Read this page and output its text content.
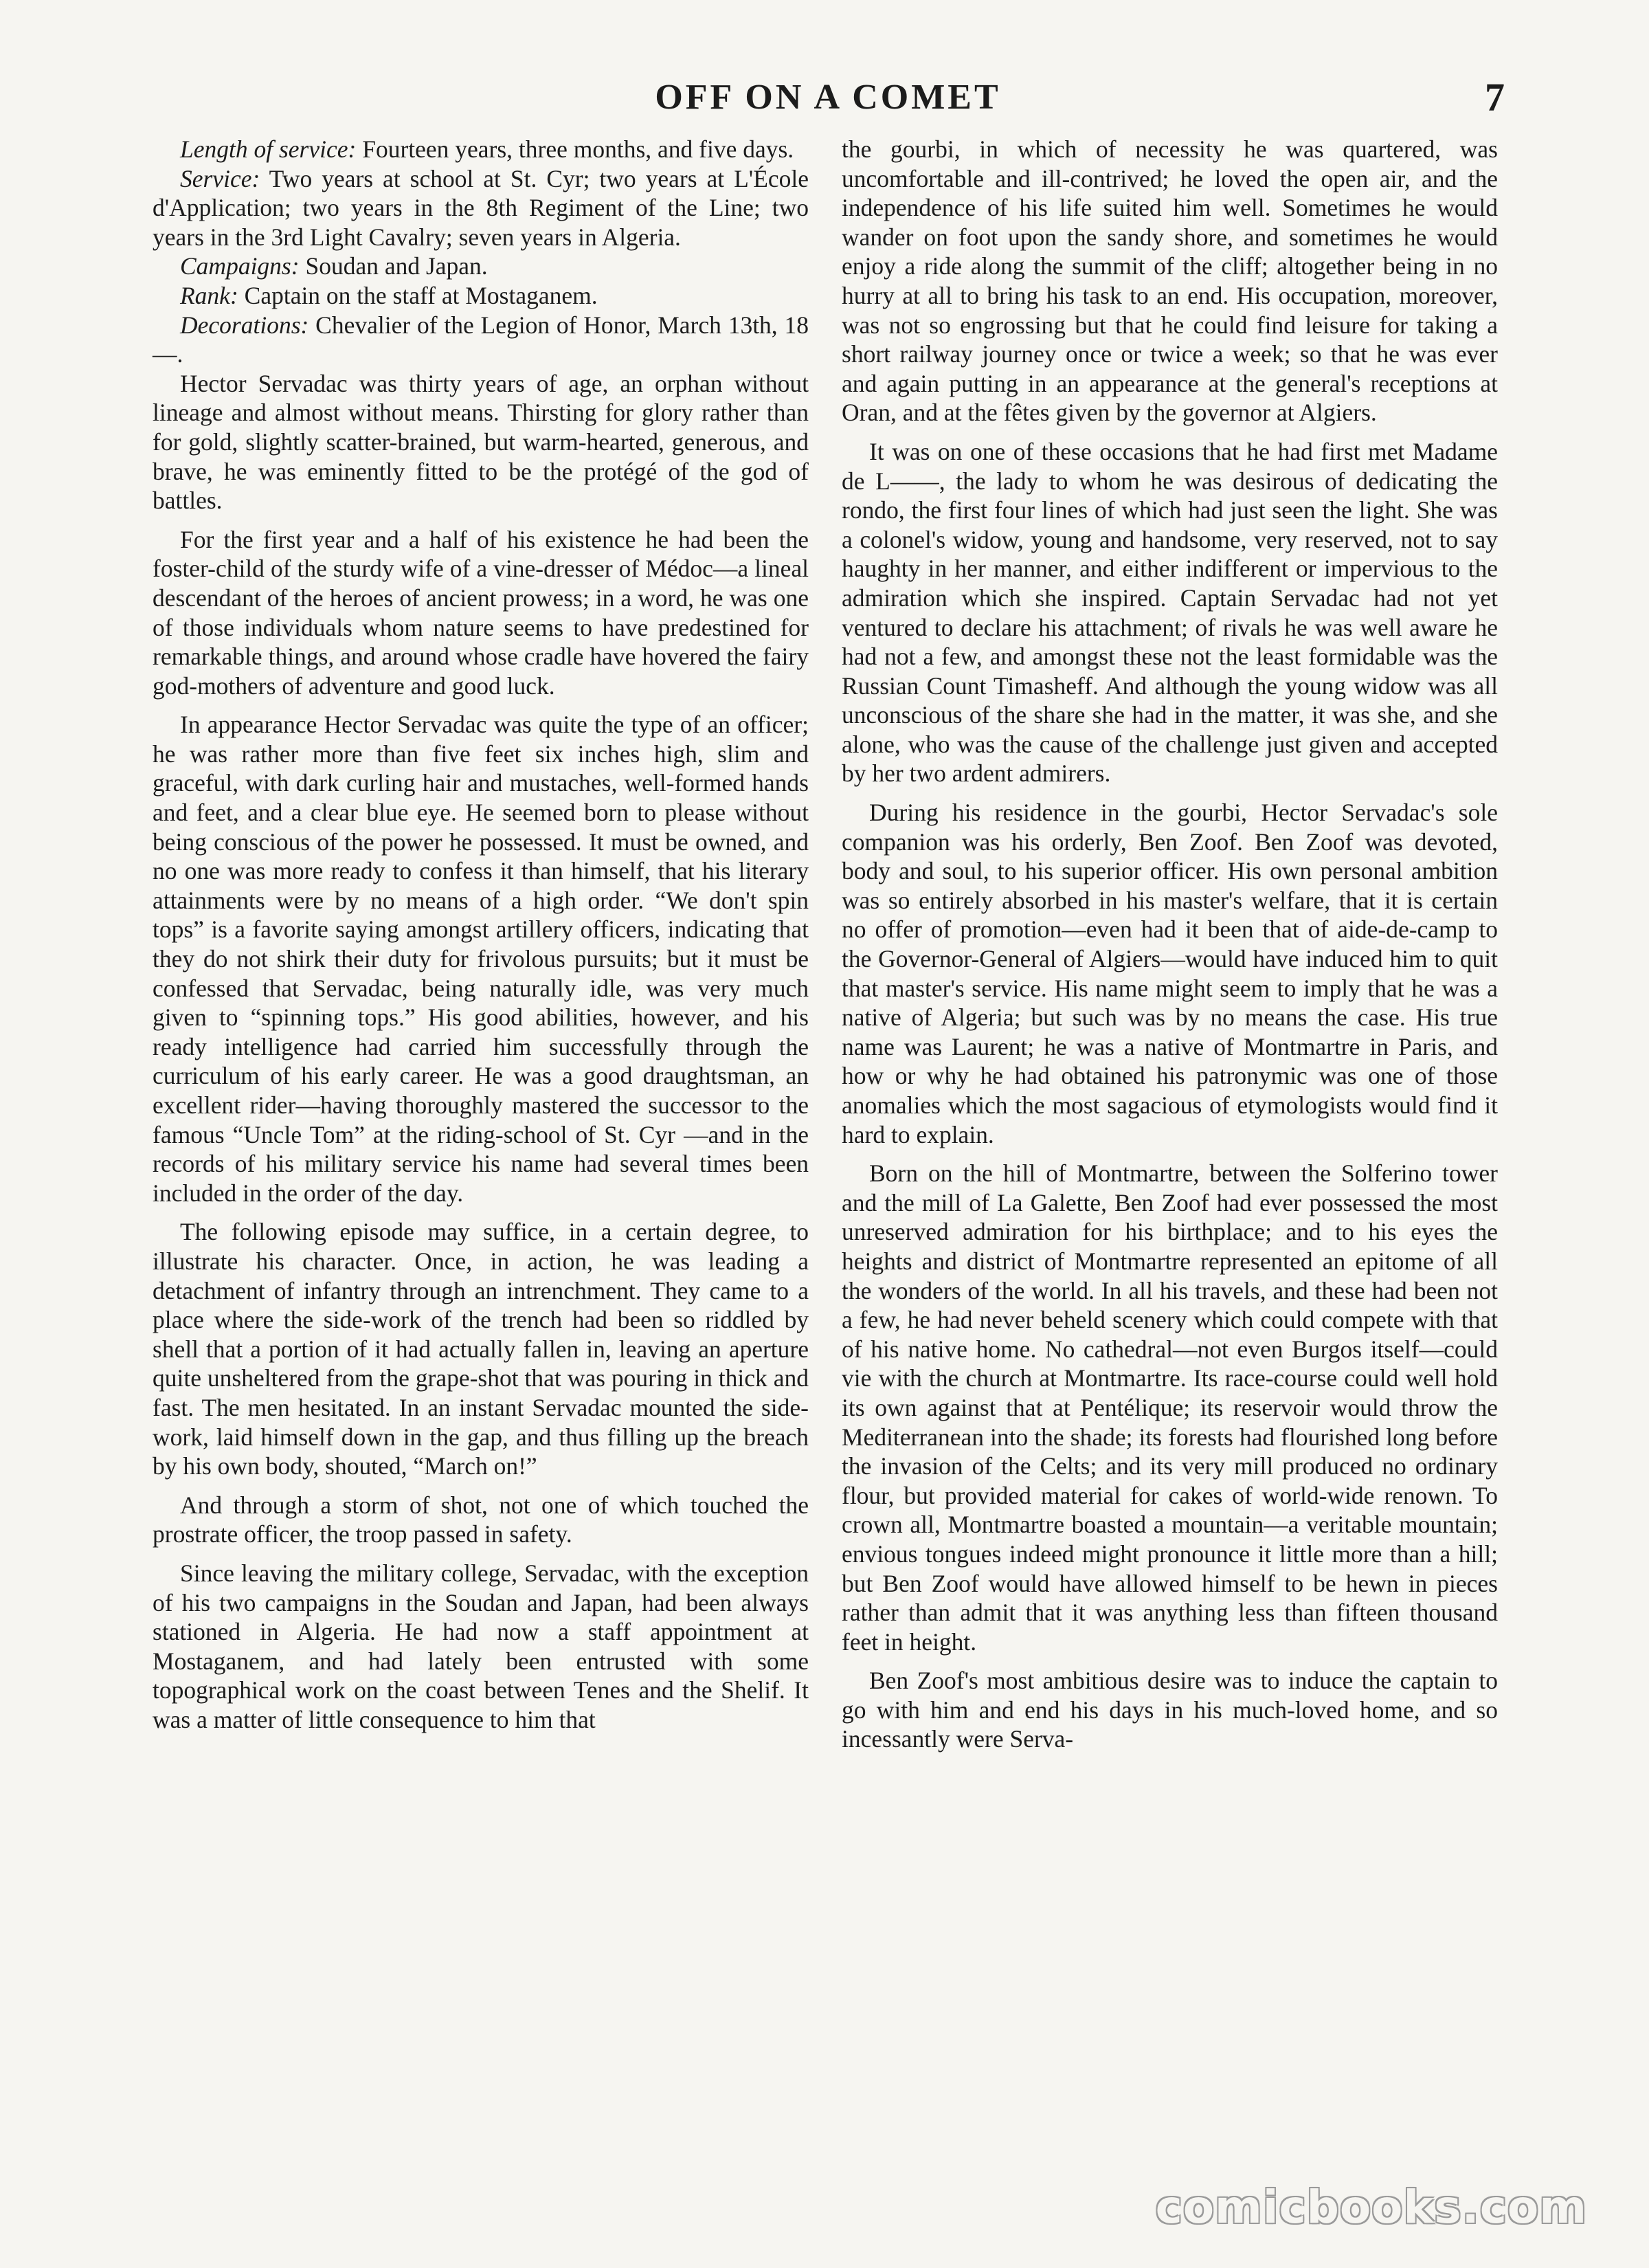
OFF ON A COMET	7
Length of service: Fourteen years, three months, and five days.
Service: Two years at school at St. Cyr; two years at L'École d'Application; two years in the 8th Regiment of the Line; two years in the 3rd Light Cavalry; seven years in Algeria.
Campaigns: Soudan and Japan.
Rank: Captain on the staff at Mostaganem.
Decorations: Chevalier of the Legion of Honor, March 13th, 18—.

Hector Servadac was thirty years of age, an orphan without lineage and almost without means. Thirsting for glory rather than for gold, slightly scatter-brained, but warm-hearted, generous, and brave, he was eminently fitted to be the protégé of the god of battles.

For the first year and a half of his existence he had been the foster-child of the sturdy wife of a vine-dresser of Médoc—a lineal descendant of the heroes of ancient prowess; in a word, he was one of those individuals whom nature seems to have predestined for remarkable things, and around whose cradle have hovered the fairy god-mothers of adventure and good luck.

In appearance Hector Servadac was quite the type of an officer; he was rather more than five feet six inches high, slim and graceful, with dark curling hair and mustaches, well-formed hands and feet, and a clear blue eye. He seemed born to please without being conscious of the power he possessed. It must be owned, and no one was more ready to confess it than himself, that his literary attainments were by no means of a high order. “We don't spin tops” is a favorite saying amongst artillery officers, indicating that they do not shirk their duty for frivolous pursuits; but it must be confessed that Servadac, being naturally idle, was very much given to “spinning tops.” His good abilities, however, and his ready intelligence had carried him successfully through the curriculum of his early career. He was a good draughtsman, an excellent rider—having thoroughly mastered the successor to the famous “Uncle Tom” at the riding-school of St. Cyr —and in the records of his military service his name had several times been included in the order of the day.

The following episode may suffice, in a certain degree, to illustrate his character. Once, in action, he was leading a detachment of infantry through an intrenchment. They came to a place where the side-work of the trench had been so riddled by shell that a portion of it had actually fallen in, leaving an aperture quite unsheltered from the grape-shot that was pouring in thick and fast. The men hesitated. In an instant Servadac mounted the side-work, laid himself down in the gap, and thus filling up the breach by his own body, shouted, “March on!”

And through a storm of shot, not one of which touched the prostrate officer, the troop passed in safety.

Since leaving the military college, Servadac, with the exception of his two campaigns in the Soudan and Japan, had been always stationed in Algeria. He had now a staff appointment at Mostaganem, and had lately been entrusted with some topographical work on the coast between Tenes and the Shelif. It was a matter of little consequence to him that

the gourbi, in which of necessity he was quartered, was uncomfortable and ill-contrived; he loved the open air, and the independence of his life suited him well. Sometimes he would wander on foot upon the sandy shore, and sometimes he would enjoy a ride along the summit of the cliff; altogether being in no hurry at all to bring his task to an end. His occupation, moreover, was not so engrossing but that he could find leisure for taking a short railway journey once or twice a week; so that he was ever and again putting in an appearance at the general's receptions at Oran, and at the fêtes given by the governor at Algiers.

It was on one of these occasions that he had first met Madame de L——, the lady to whom he was desirous of dedicating the rondo, the first four lines of which had just seen the light. She was a colonel's widow, young and handsome, very reserved, not to say haughty in her manner, and either indifferent or impervious to the admiration which she inspired. Captain Servadac had not yet ventured to declare his attachment; of rivals he was well aware he had not a few, and amongst these not the least formidable was the Russian Count Timasheff. And although the young widow was all unconscious of the share she had in the matter, it was she, and she alone, who was the cause of the challenge just given and accepted by her two ardent admirers.

During his residence in the gourbi, Hector Servadac's sole companion was his orderly, Ben Zoof. Ben Zoof was devoted, body and soul, to his superior officer. His own personal ambition was so entirely absorbed in his master's welfare, that it is certain no offer of promotion—even had it been that of aide-de-camp to the Governor-General of Algiers—would have induced him to quit that master's service. His name might seem to imply that he was a native of Algeria; but such was by no means the case. His true name was Laurent; he was a native of Montmartre in Paris, and how or why he had obtained his patronymic was one of those anomalies which the most sagacious of etymologists would find it hard to explain.

Born on the hill of Montmartre, between the Solferino tower and the mill of La Galette, Ben Zoof had ever possessed the most unreserved admiration for his birthplace; and to his eyes the heights and district of Montmartre represented an epitome of all the wonders of the world. In all his travels, and these had been not a few, he had never beheld scenery which could compete with that of his native home. No cathedral—not even Burgos itself—could vie with the church at Montmartre. Its race-course could well hold its own against that at Pentélique; its reservoir would throw the Mediterranean into the shade; its forests had flourished long before the invasion of the Celts; and its very mill produced no ordinary flour, but provided material for cakes of world-wide renown. To crown all, Montmartre boasted a mountain—a veritable mountain; envious tongues indeed might pronounce it little more than a hill; but Ben Zoof would have allowed himself to be hewn in pieces rather than admit that it was anything less than fifteen thousand feet in height.

Ben Zoof's most ambitious desire was to induce the captain to go with him and end his days in his much-loved home, and so incessantly were Serva-

comicbooks.com
